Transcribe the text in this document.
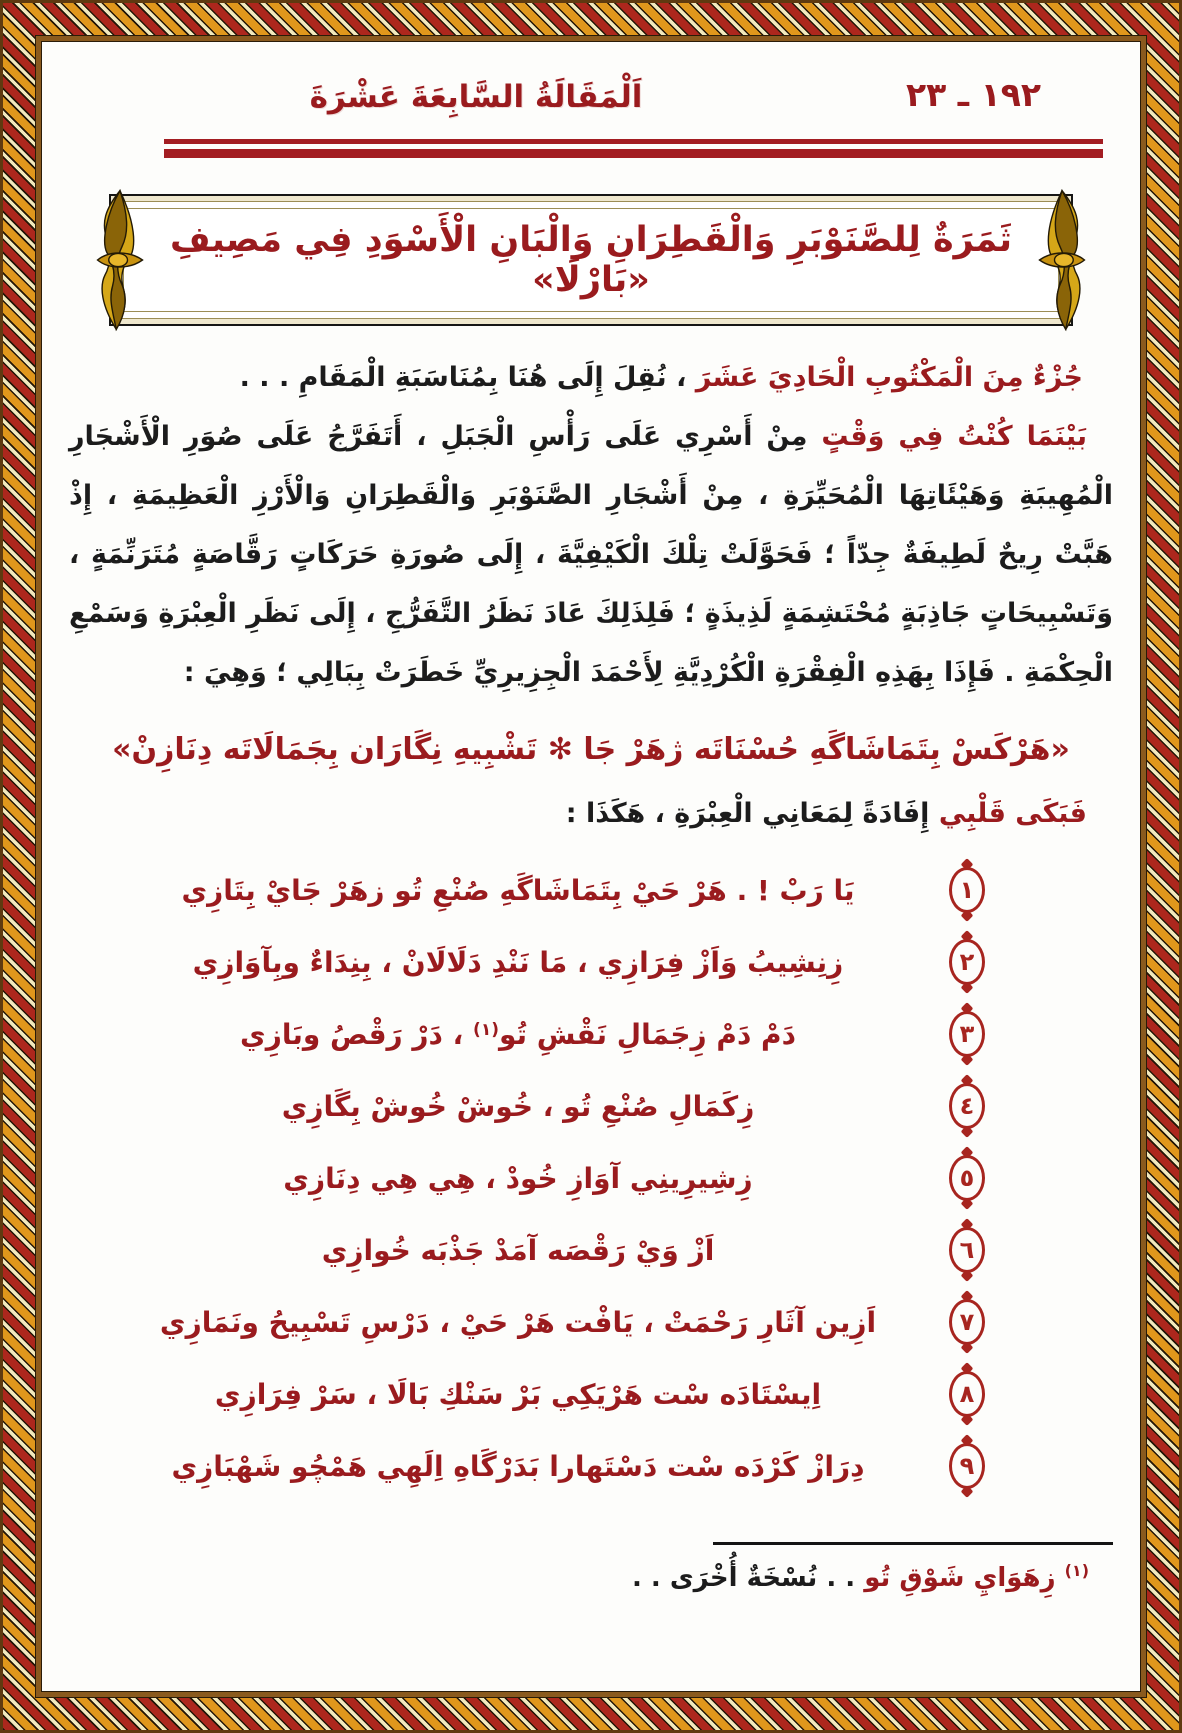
١٩٢ ـ ٢٣
اَلْمَقَالَةُ السَّابِعَةَ عَشْرَةَ
ثَمَرَةٌ لِلصَّنَوْبَرِ وَالْقَطِرَانِ وَالْبَانِ الْأَسْوَدِ فِي مَصِيفِ «بَارْلَا»

جُزْءٌ مِنَ الْمَكْتُوبِ الْحَادِيَ عَشَرَ ، نُقِلَ إِلَى هُنَا بِمُنَاسَبَةِ الْمَقَامِ . . .

بَيْنَمَا كُنْتُ فِي وَقْتٍ مِنْ أَسْرِي عَلَى رَأْسِ الْجَبَلِ ، أَتَفَرَّجُ عَلَى صُوَرِ الْأَشْجَارِ الْمُهِيبَةِ وَهَيْئَاتِهَا الْمُحَيِّرَةِ ، مِنْ أَشْجَارِ الصَّنَوْبَرِ وَالْقَطِرَانِ وَالْأَرْزِ الْعَظِيمَةِ ، إِذْ هَبَّتْ رِيحٌ لَطِيفَةٌ جِدّاً ؛ فَحَوَّلَتْ تِلْكَ الْكَيْفِيَّةَ ، إِلَى صُورَةِ حَرَكَاتٍ رَقَّاصَةٍ مُتَرَنِّمَةٍ ، وَتَسْبِيحَاتٍ جَاذِبَةٍ مُحْتَشِمَةٍ لَذِيذَةٍ ؛ فَلِذَلِكَ عَادَ نَظَرُ التَّفَرُّجِ ، إِلَى نَظَرِ الْعِبْرَةِ وَسَمْعِ الْحِكْمَةِ . فَإِذَا بِهَذِهِ الْفِقْرَةِ الْكُرْدِيَّةِ لِأَحْمَدَ الْجِزِيرِيِّ خَطَرَتْ بِبَالِي ؛ وَهِيَ :

«هَرْكَسْ بِتَمَاشَاگَهِ حُسْنَاتَه ژهَرْ جَا ✻ تَشْبِيهِ نِگَارَان بِجَمَالَاتَه دِنَازِنْ»

فَبَكَى قَلْبِي إِفَادَةً لِمَعَانِي الْعِبْرَةِ ، هَكَذَا :

يَا رَبْ ! . هَرْ حَيْ بِتَمَاشَاگَهِ صُنْعِ تُو زهَرْ جَايْ بِتَازِي	١
زِنِشِيبُ وَاَزْ فِرَازِي ، مَا نَنْدِ دَلَالَانْ ، بِنِدَاءٌ وبِآوَازِي	٢
دَمْ دَمْ زِجَمَالِ نَقْشِ تُو$^{(١)}$ ، دَرْ رَقْصُ وبَازِي	٣
زِكَمَالِ صُنْعِ تُو ، خُوشْ خُوشْ بِگَازِي	٤
زِشِيرِينِي آوَازِ خُودْ ، هِي هِي دِنَازِي	٥
اَزْ وَيْ رَقْصَه آمَدْ جَذْبَه خُوازِي	٦
اَزِين آثَارِ رَحْمَتْ ، يَافْت هَرْ حَيْ ، دَرْسِ تَسْبِيحُ ونَمَازِي	٧
اِيسْتَادَه سْت هَرْيَكِي بَرْ سَنْكِ بَالَا ، سَرْ فِرَازِي	٨
دِرَازْ كَرْدَه سْت دَسْتَهارا بَدَرْگَاهِ اِلَهِي هَمْچُو شَهْبَازِي	٩
$^{(١)}$ زِهَوَايِ شَوْقِ تُو . . نُسْخَةٌ أُخْرَى . .
